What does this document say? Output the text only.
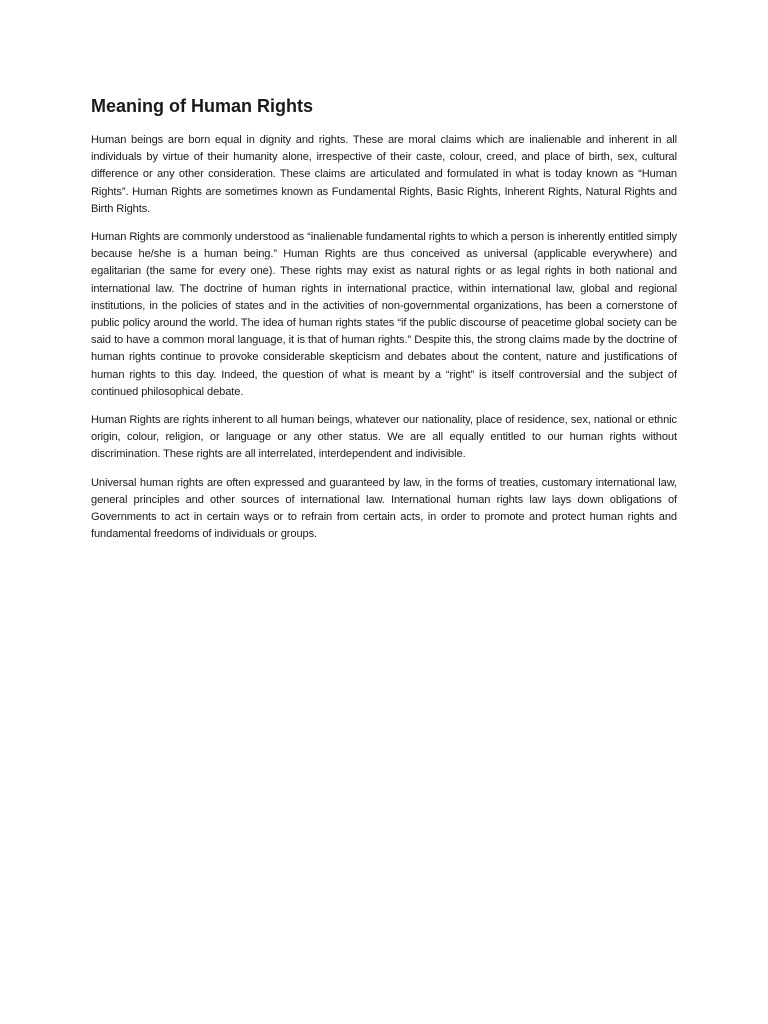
Meaning of Human Rights

Human beings are born equal in dignity and rights. These are moral claims which are inalienable and inherent in all individuals by virtue of their humanity alone, irrespective of their caste, colour, creed, and place of birth, sex, cultural difference or any other consideration. These claims are articulated and formulated in what is today known as “Human Rights”. Human Rights are sometimes known as Fundamental Rights, Basic Rights, Inherent Rights, Natural Rights and Birth Rights.

Human Rights are commonly understood as “inalienable fundamental rights to which a person is inherently entitled simply because he/she is a human being.” Human Rights are thus conceived as universal (applicable everywhere) and egalitarian (the same for every one). These rights may exist as natural rights or as legal rights in both national and international law. The doctrine of human rights in international practice, within international law, global and regional institutions, in the policies of states and in the activities of non-governmental organizations, has been a cornerstone of public policy around the world. The idea of human rights states “if the public discourse of peacetime global society can be said to have a common moral language, it is that of human rights.” Despite this, the strong claims made by the doctrine of human rights continue to provoke considerable skepticism and debates about the content, nature and justifications of human rights to this day. Indeed, the question of what is meant by a “right” is itself controversial and the subject of continued philosophical debate.

Human Rights are rights inherent to all human beings, whatever our nationality, place of residence, sex, national or ethnic origin, colour, religion, or language or any other status. We are all equally entitled to our human rights without discrimination. These rights are all interrelated, interdependent and indivisible.

Universal human rights are often expressed and guaranteed by law, in the forms of treaties, customary international law, general principles and other sources of international law. International human rights law lays down obligations of Governments to act in certain ways or to refrain from certain acts, in order to promote and protect human rights and fundamental freedoms of individuals or groups.
